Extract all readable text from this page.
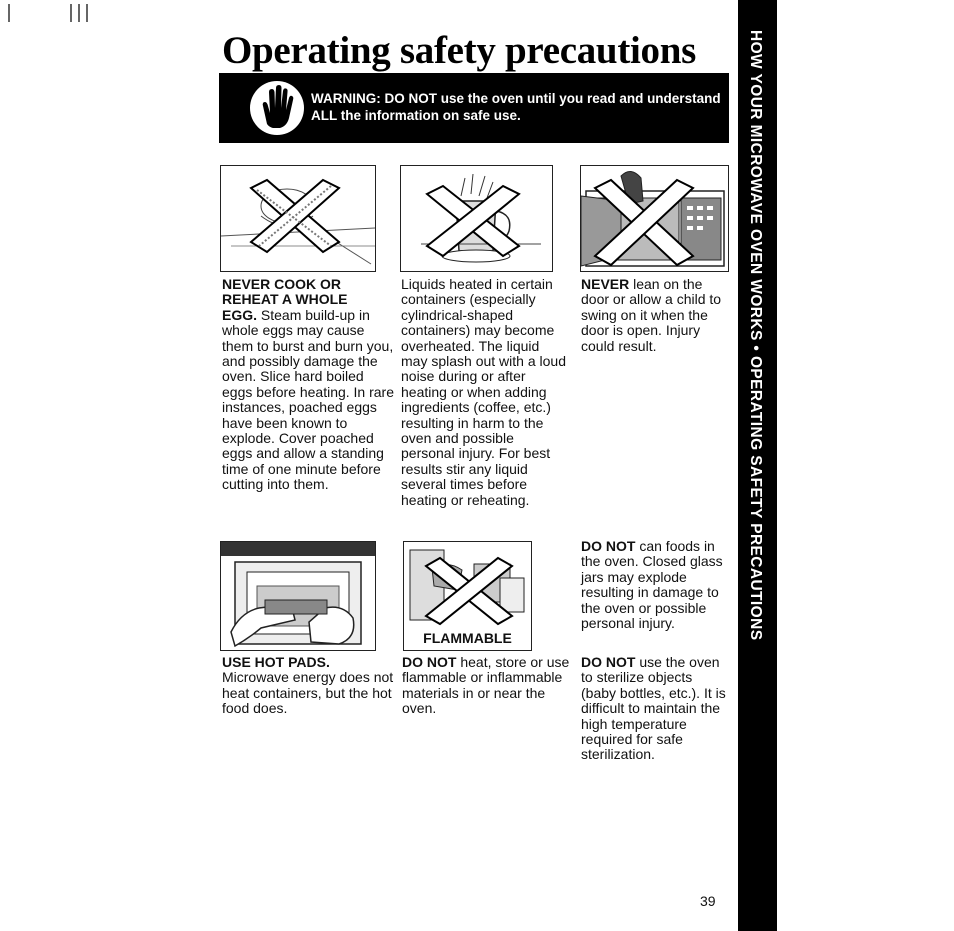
Operating safety precautions
WARNING: DO NOT use the oven until you read and understand ALL the information on safe use.	HOW YOUR MICROWAVE OVEN WORKS • OPERATING SAFETY PRECAUTIONS
NEVER COOK OR REHEAT A WHOLE
EGG. Steam build-up in whole eggs may cause them to burst and burn you, and possibly damage the oven. Slice hard boiled eggs before heating. In rare instances, poached eggs have been known to explode. Cover poached eggs and allow a standing time of one minute before cutting into them.
Liquids heated in certain containers (especially cylindrical-shaped containers) may become overheated. The liquid may splash out with a loud noise during or after heating or when adding ingredients (coffee, etc.) resulting in harm to the oven and possible personal injury. For best results stir any liquid several times before heating or reheating.
NEVER lean on the door or allow a child to swing on it when the door is open. Injury could result.
FLAMMABLE
USE HOT PADS.
Microwave energy does not heat containers, but the hot food does.
DO NOT heat, store or use flammable or inflammable materials in or near the oven.
DO NOT can foods in the oven. Closed glass jars may explode resulting in damage to the oven or possible personal injury.
DO NOT use the oven to sterilize objects (baby bottles, etc.). It is difficult to maintain the high temperature required for safe sterilization.
39
